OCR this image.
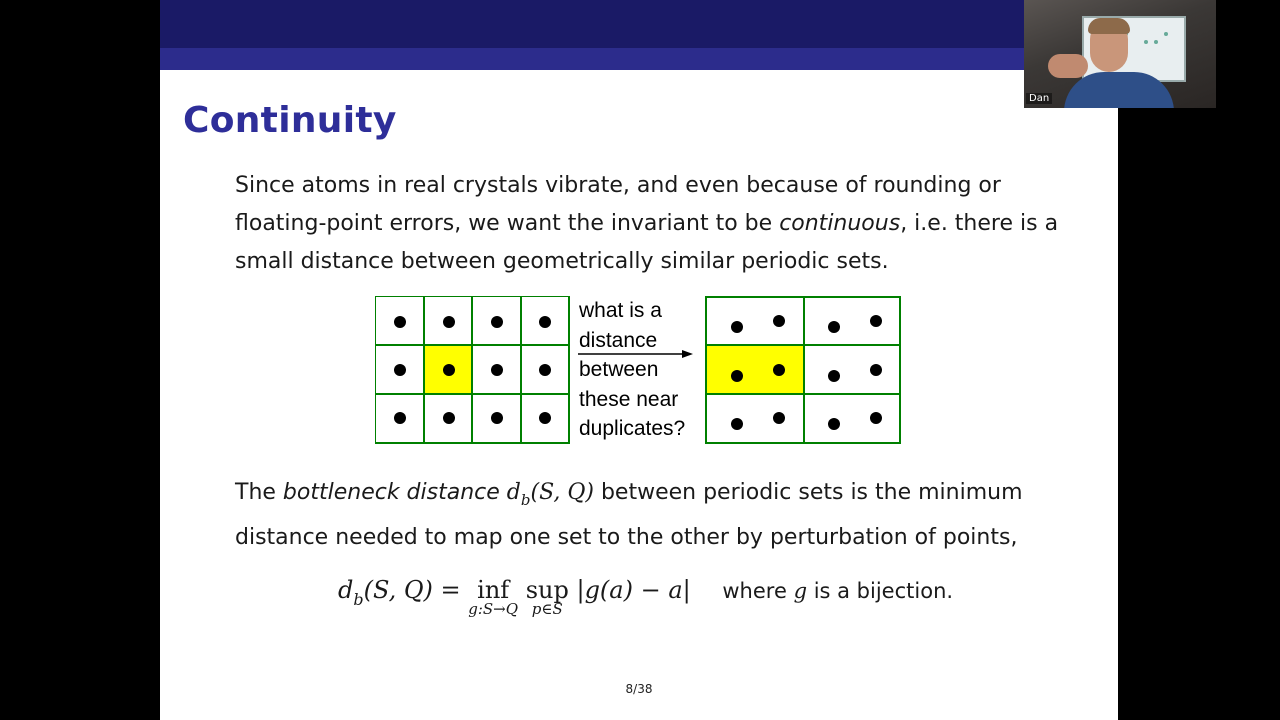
Continuity
Since atoms in real crystals vibrate, and even because of rounding or floating-point errors, we want the invariant to be continuous, i.e. there is a small distance between geometrically similar periodic sets.
what is a
distance
between
these near
duplicates?
The bottleneck distance $d_b(S$, Q) between periodic sets is the minimum distance needed to map one set to the other by perturbation of points,
$d_b(S$, Q) = inf
g:S→Q
sup
p∈S
|g(a) − a| where g is a bijection.
8/38
Dan
